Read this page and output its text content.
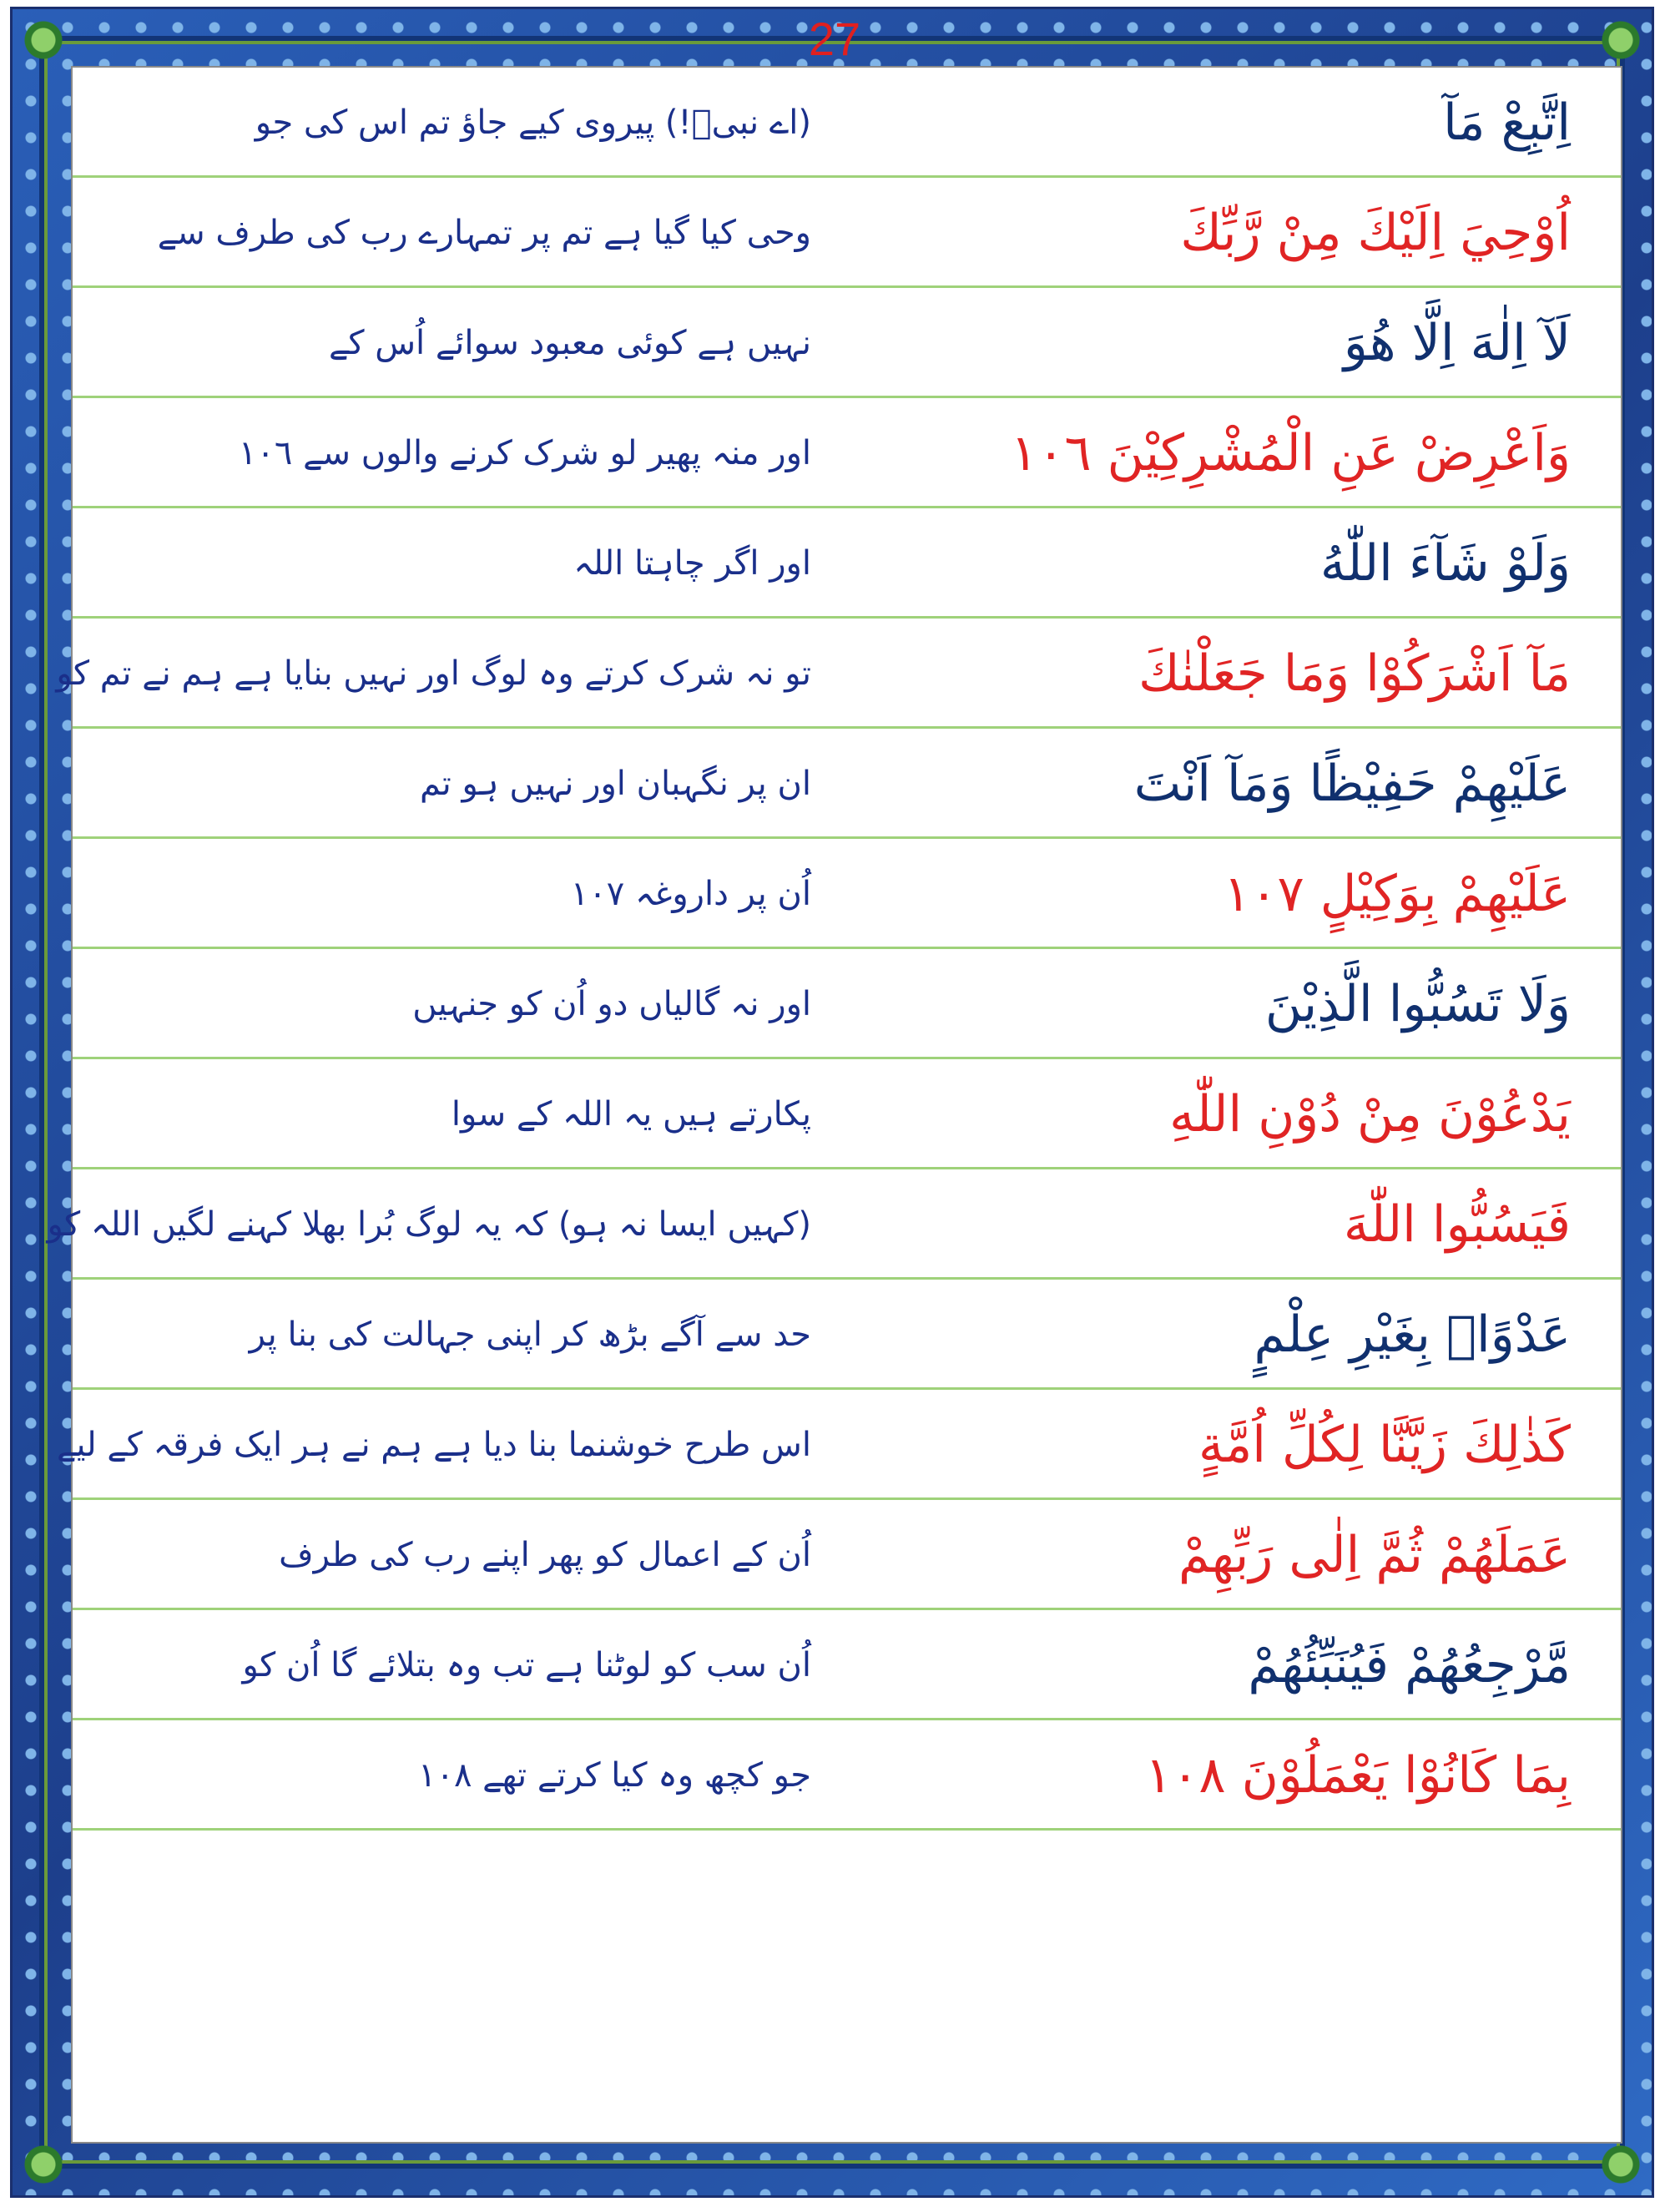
27
اِتَّبِعْ مَآ
(اے نبیؐ!) پیروی کیے جاؤ تم اس کی جو
اُوْحِيَ اِلَيْكَ مِنْ رَّبِّكَ
وحی کیا گیا ہے تم پر تمہارے رب کی طرف سے
لَآ اِلٰهَ اِلَّا هُوَ
نہیں ہے کوئی معبود سوائے اُس کے
وَاَعْرِضْ عَنِ الْمُشْرِكِيْنَ ١٠٦
اور منہ پھیر لو شرک کرنے والوں سے ١٠٦
وَلَوْ شَآءَ اللّٰهُ
اور اگر چاہتا اللہ
مَآ اَشْرَكُوْا وَمَا جَعَلْنٰكَ
تو نہ شرک کرتے وہ لوگ اور نہیں بنایا ہے ہم نے تم کو
عَلَيْهِمْ حَفِيْظًا وَمَآ اَنْتَ
ان پر نگہبان اور نہیں ہو تم
عَلَيْهِمْ بِوَكِيْلٍ ١٠٧
اُن پر داروغہ ١٠٧
وَلَا تَسُبُّوا الَّذِيْنَ
اور نہ گالیاں دو اُن کو جنہیں
يَدْعُوْنَ مِنْ دُوْنِ اللّٰهِ
پکارتے ہیں یہ اللہ کے سوا
فَيَسُبُّوا اللّٰهَ
(کہیں ایسا نہ ہو) کہ یہ لوگ بُرا بھلا کہنے لگیں اللہ کو
عَدْوًاۢ بِغَيْرِ عِلْمٍ
حد سے آگے بڑھ کر اپنی جہالت کی بنا پر
كَذٰلِكَ زَيَّنَّا لِكُلِّ اُمَّةٍ
اس طرح خوشنما بنا دیا ہے ہم نے ہر ایک فرقہ کے لیے
عَمَلَهُمْ ثُمَّ اِلٰى رَبِّهِمْ
اُن کے اعمال کو پھر اپنے رب کی طرف
مَّرْجِعُهُمْ فَيُنَبِّئُهُمْ
اُن سب کو لوٹنا ہے تب وہ بتلائے گا اُن کو
بِمَا كَانُوْا يَعْمَلُوْنَ ١٠٨
جو کچھ وہ کیا کرتے تھے ١٠٨
